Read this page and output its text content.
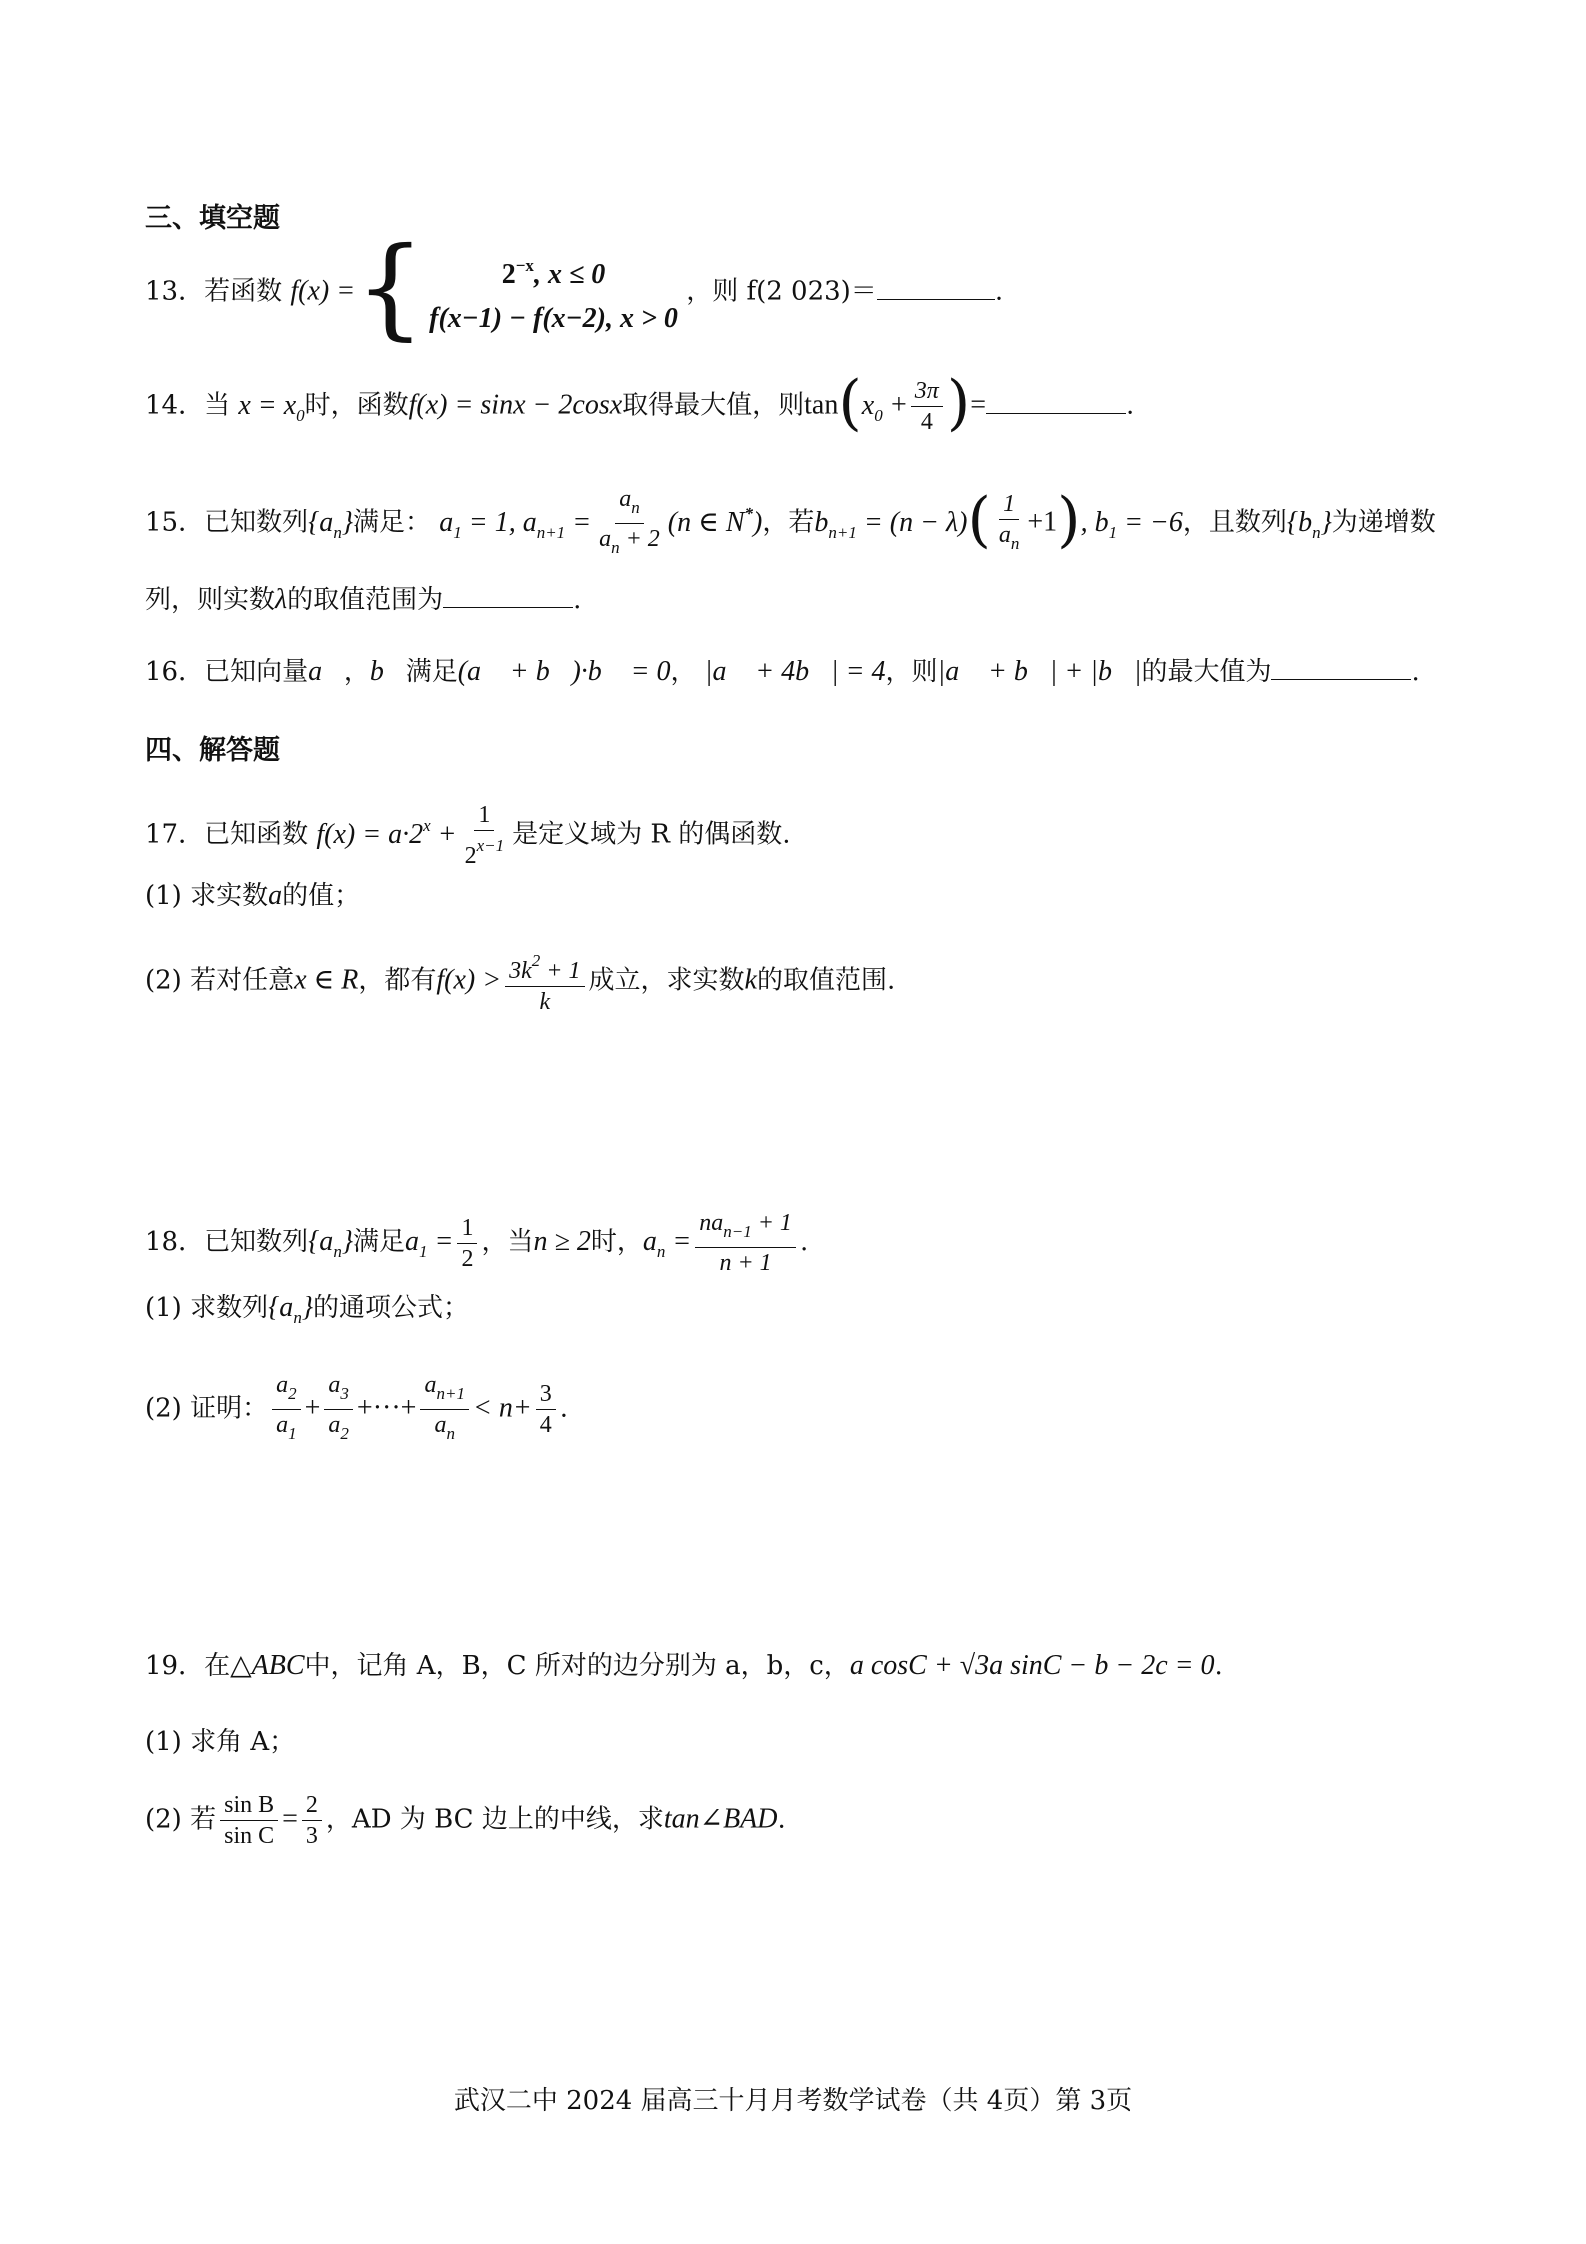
三、填空题
13．若函数 f(x) ={	$2^{-x}$, x ≤ 0
f(x−1) − f(x−2), x > 0
，则 f(2 023)＝	.
14．当 $x = x_0$时，函数f(x) = sinx − 2cosx取得最大值，则$\tan(x_0 + \frac{3\pi}{4}$ )=	.
15．已知数列$\{a_n\}$满足： $a_1 = 1$, $a_{n+1} = \frac{a_n}{a_n + 2} (n$ ∈ N*)，若$b_{n+1} = (n - \lambda)( \frac{1}{a_n} +1)$, $b_1 = -6$，且数列$\{b_n\}$为递增数
列，则实数λ的取值范围为	.
16．已知向量a⃗，b⃗满足(a⃗ + b⃗)·b⃗ = 0， |a⃗ + 4b⃗| = 4，则|a⃗ + b⃗| + |b⃗|的最大值为	.
四、解答题
17．已知函数 $f(x) = a\cdot 2^x + \frac{1}{2^{x-1}}$ 是定义域为 R 的偶函数.
(1) 求实数a的值；
(2) 若对任意x ∈ R，都有$f(x) > \frac{3k^2 + 1}{k}$ 成立，求实数k的取值范围.
18．已知数列$\{a_n\}$满足$a_1 = \frac{1}{2}$ ，当n ≥ 2时，$a_n = \frac{na_{n-1} + 1}{n + 1}$ .
(1) 求数列$\{a_n\}$的通项公式；
(2) 证明： $\frac{a_2}{a_1} + \frac{a_3}{a_2}$ +···+ $\frac{a_{n+1}}{a_n} < n+ \frac{3}{4}$ .
19．在△ABC中，记角 A，B，C 所对的边分别为 a，b，c，a cosC + √3a sinC − b − 2c = 0.
(1) 求角 A；
(2) 若 $\frac{\text{sin B}}{\text{sin C}} = \frac{2}{3}$ ，AD 为 BC 边上的中线，求tan∠BAD.
武汉二中 2024 届高三十月月考数学试卷（共 4页）第 3页
